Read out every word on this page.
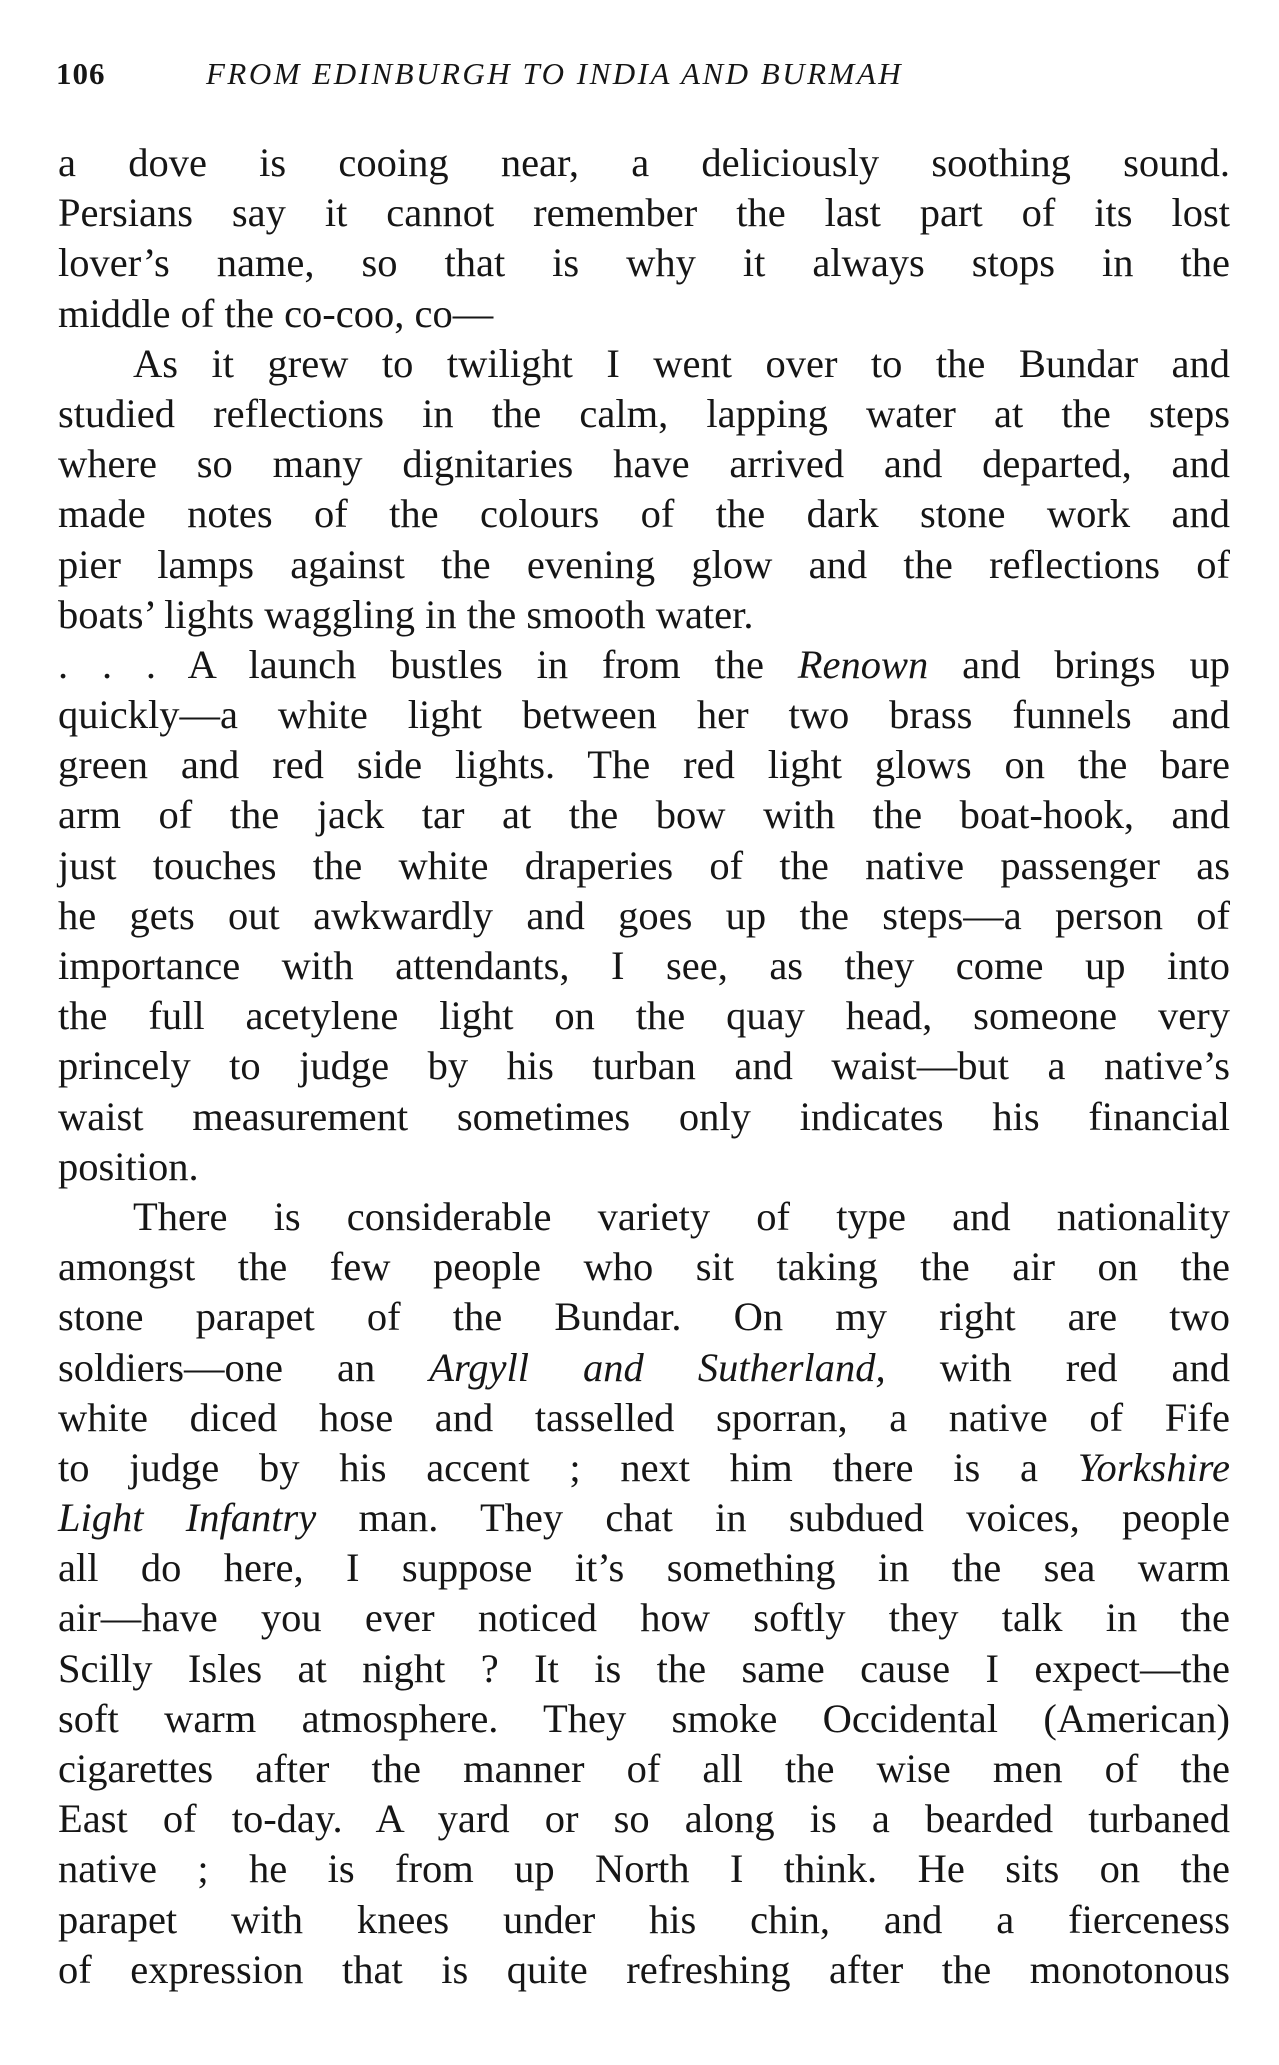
106	FROM EDINBURGH TO INDIA AND BURMAH
a dove is cooing near, a deliciously soothing sound.
Persians say it cannot remember the last part of its lost
lover’s name, so that is why it always stops in the
middle of the co-coo, co—
As it grew to twilight I went over to the Bundar and
studied reflections in the calm, lapping water at the steps
where so many dignitaries have arrived and departed, and
made notes of the colours of the dark stone work and
pier lamps against the evening glow and the reflections of
boats’ lights waggling in the smooth water.
. . . A launch bustles in from the Renown and brings up
quickly—a white light between her two brass funnels and
green and red side lights. The red light glows on the bare
arm of the jack tar at the bow with the boat-hook, and
just touches the white draperies of the native passenger as
he gets out awkwardly and goes up the steps—a person of
importance with attendants, I see, as they come up into
the full acetylene light on the quay head, someone very
princely to judge by his turban and waist—but a native’s
waist measurement sometimes only indicates his financial
position.
There is considerable variety of type and nationality
amongst the few people who sit taking the air on the
stone parapet of the Bundar. On my right are two
soldiers—one an Argyll and Sutherland, with red and
white diced hose and tasselled sporran, a native of Fife
to judge by his accent ; next him there is a Yorkshire
Light Infantry man. They chat in subdued voices, people
all do here, I suppose it’s something in the sea warm
air—have you ever noticed how softly they talk in the
Scilly Isles at night ? It is the same cause I expect—the
soft warm atmosphere. They smoke Occidental (American)
cigarettes after the manner of all the wise men of the
East of to-day. A yard or so along is a bearded turbaned
native ; he is from up North I think. He sits on the
parapet with knees under his chin, and a fierceness
of expression that is quite refreshing after the monotonous
